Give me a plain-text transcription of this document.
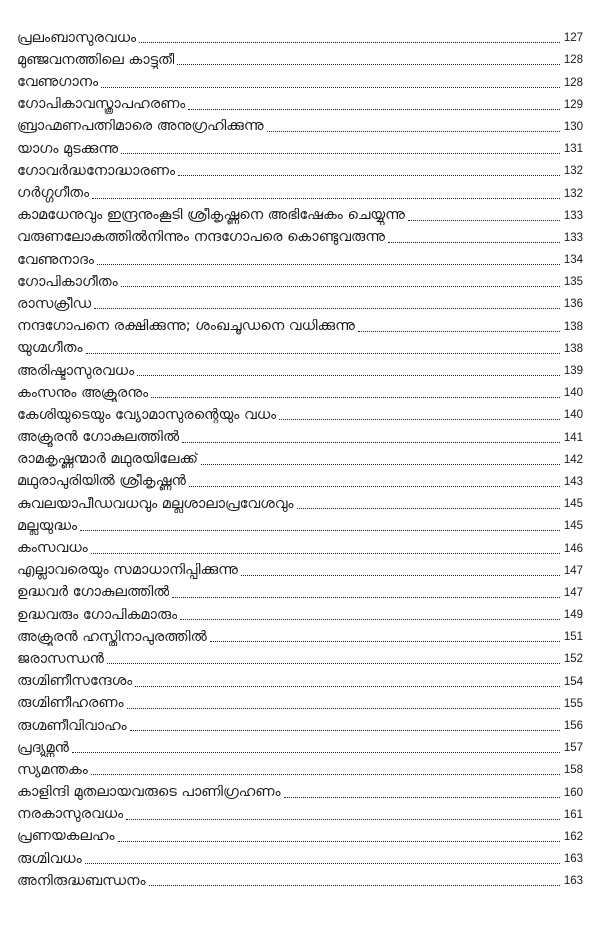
പ്രലംബാസുരവധം	127
മുഞ്ജവനത്തിലെ കാട്ടുതീ	128
വേണുഗാനം	128
ഗോപികാവസ്ത്രാപഹരണം	129
ബ്രാഹ്മണപത്നിമാരെ അനുഗ്രഹിക്കുന്നു	130
യാഗം മുടക്കുന്നു	131
ഗോവർദ്ധനോദ്ധാരണം	132
ഗർഗ്ഗഗീതം	132
കാമധേനുവും ഇന്ദ്രനുംകൂടി ശ്രീകൃഷ്ണനെ അഭിഷേകം ചെയ്യുന്നു	133
വരുണലോകത്തിൽനിന്നും നന്ദഗോപരെ കൊണ്ടുവരുന്നു	133
വേണുനാദം	134
ഗോപികാഗീതം	135
രാസക്രീഡ	136
നന്ദഗോപനെ രക്ഷിക്കുന്നു; ശംഖചൂഡനെ വധിക്കുന്നു	138
യുഗ്മഗീതം	138
അരിഷ്ടാസുരവധം	139
കംസനും അക്രൂരനും	140
കേശിയുടെയും വ്യോമാസുരന്റെയും വധം	140
അക്രൂരൻ ഗോകുലത്തിൽ	141
രാമകൃഷ്ണന്മാർ മഥുരയിലേക്ക്	142
മഥുരാപുരിയിൽ ശ്രീകൃഷ്ണൻ	143
കുവലയാപീഡവധവും മല്ലശാലാപ്രവേശവും	145
മല്ലയുദ്ധം	145
കംസവധം	146
എല്ലാവരെയും സമാധാനിപ്പിക്കുന്നു	147
ഉദ്ധവർ ഗോകുലത്തിൽ	147
ഉദ്ധവരും ഗോപികമാരും	149
അക്രൂരൻ ഹസ്തിനാപുരത്തിൽ	151
ജരാസന്ധൻ	152
രുഗ്മിണീസന്ദേശം	154
രുഗ്മിണീഹരണം	155
രുഗ്മണീവിവാഹം	156
പ്രദ്യുമ്നൻ	157
സ്യമന്തകം	158
കാളിന്ദി മുതലായവരുടെ പാണിഗ്രഹണം	160
നരകാസുരവധം	161
പ്രണയകലഹം	162
രുഗ്മിവധം	163
അനിരുദ്ധബന്ധനം	163
